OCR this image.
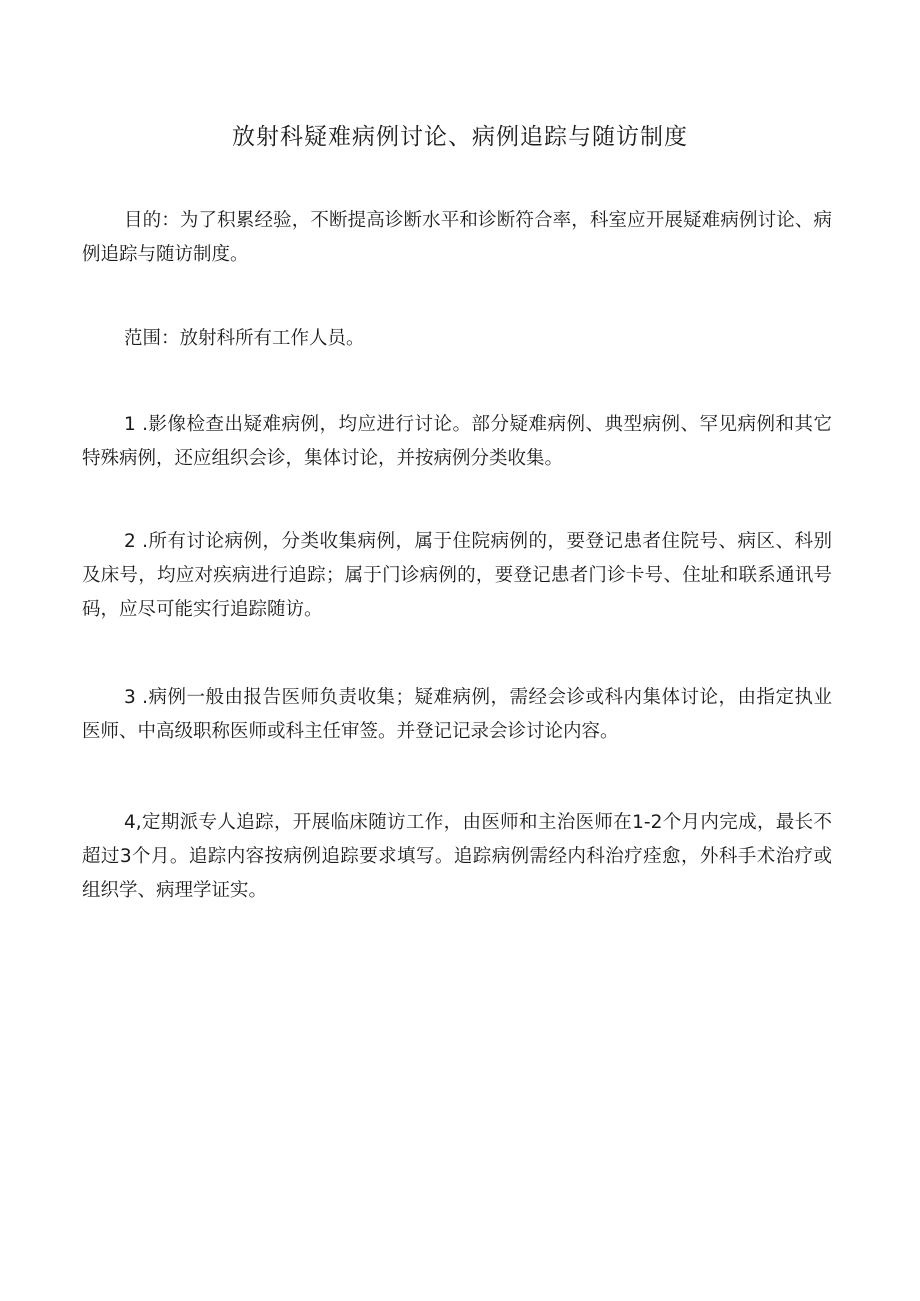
放射科疑难病例讨论、病例追踪与随访制度

目的：为了积累经验，不断提高诊断水平和诊断符合率，科室应开展疑难病例讨论、病例追踪与随访制度。

范围：放射科所有工作人员。

1 .影像检查出疑难病例，均应进行讨论。部分疑难病例、典型病例、罕见病例和其它特殊病例，还应组织会诊，集体讨论，并按病例分类收集。

2 .所有讨论病例，分类收集病例，属于住院病例的，要登记患者住院号、病区、科别及床号，均应对疾病进行追踪；属于门诊病例的，要登记患者门诊卡号、住址和联系通讯号码，应尽可能实行追踪随访。

3 .病例一般由报告医师负责收集；疑难病例，需经会诊或科内集体讨论，由指定执业医师、中高级职称医师或科主任审签。并登记记录会诊讨论内容。

4,定期派专人追踪，开展临床随访工作，由医师和主治医师在1-2个月内完成，最长不超过3个月。追踪内容按病例追踪要求填写。追踪病例需经内科治疗痊愈，外科手术治疗或组织学、病理学证实。
